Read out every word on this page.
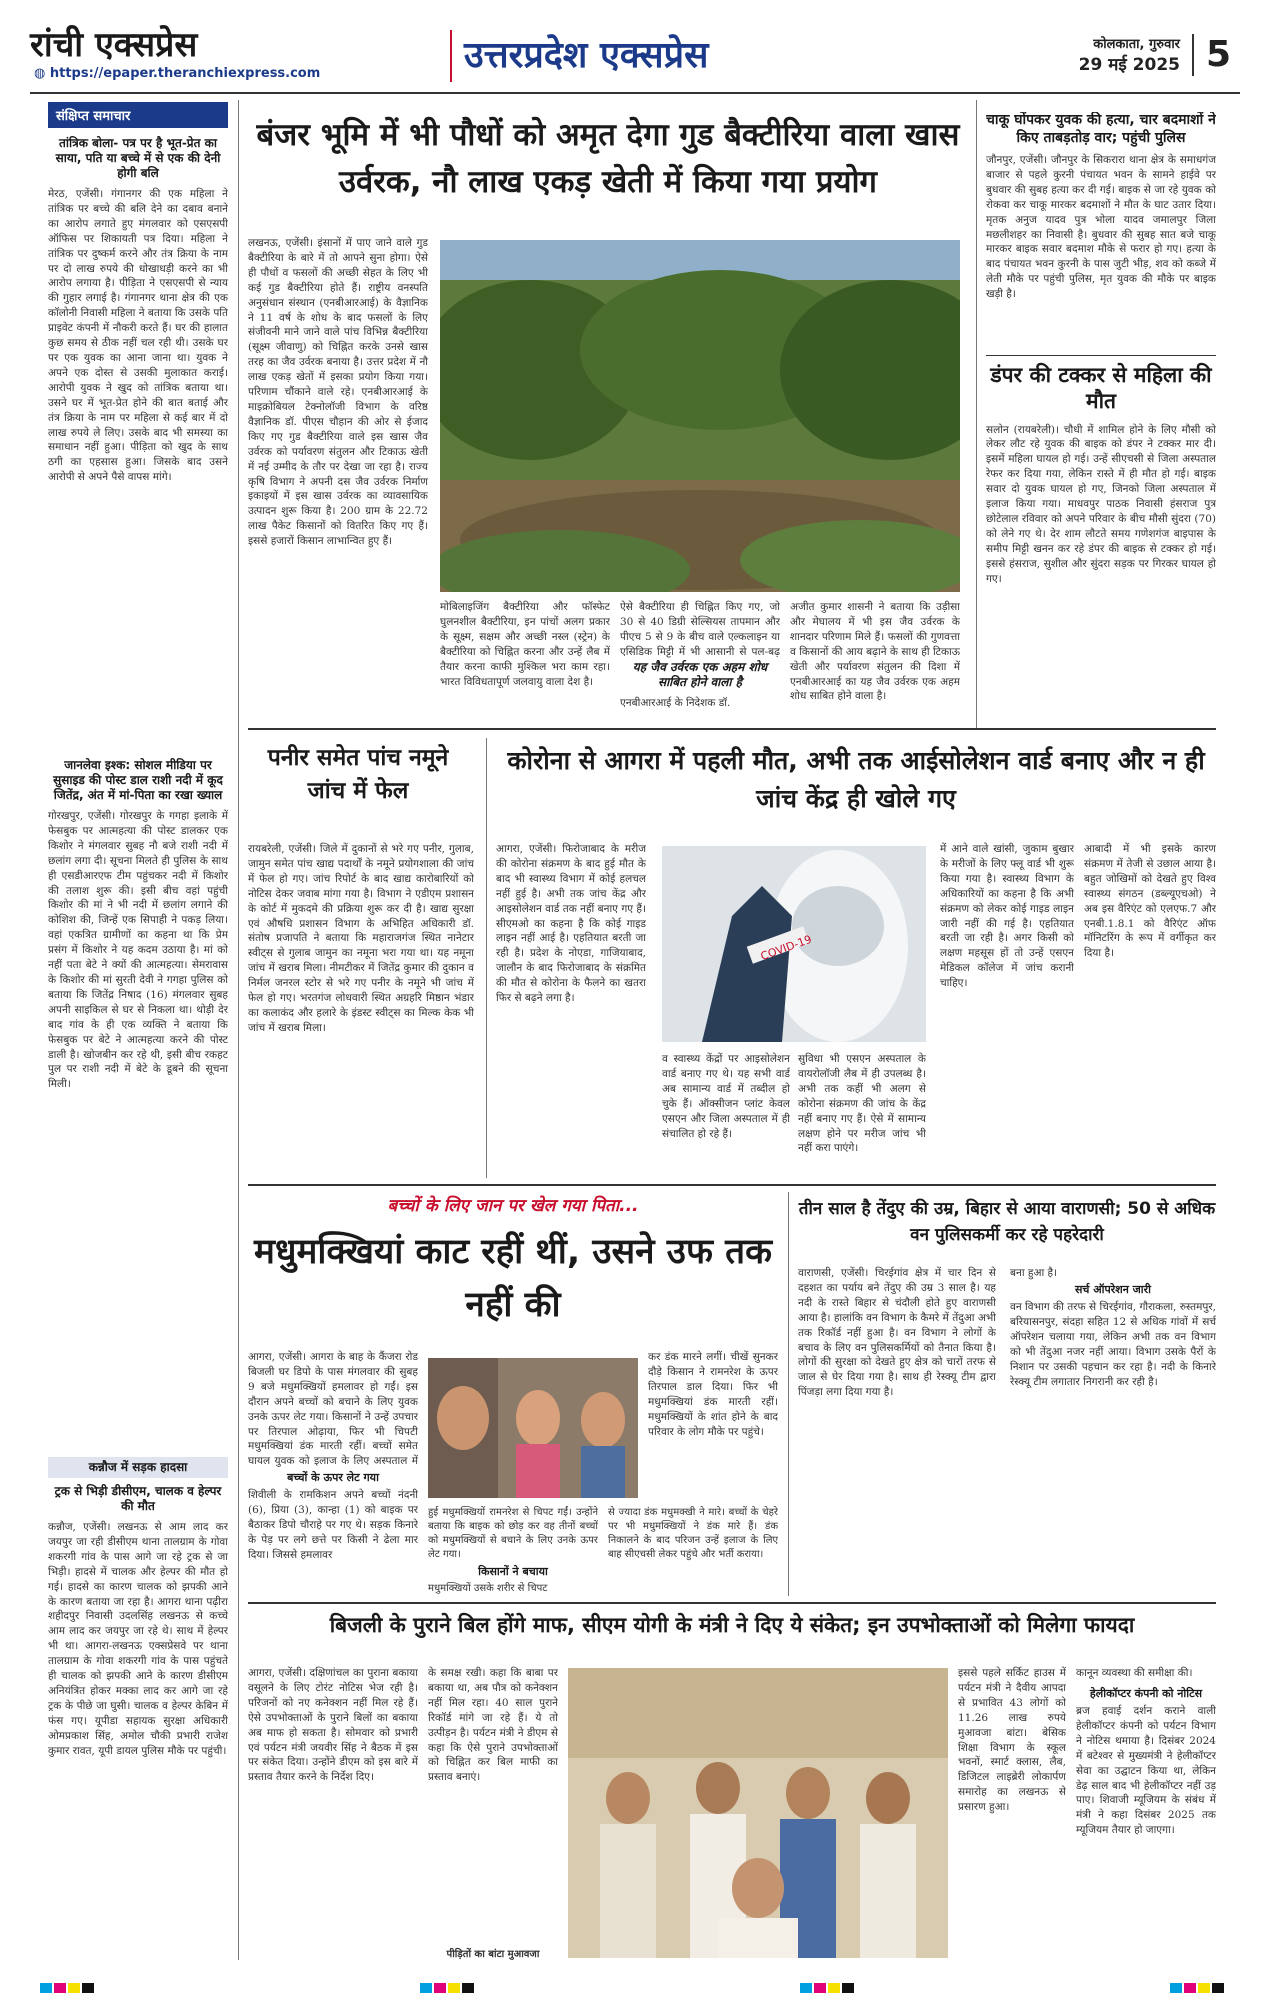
रांची एक्सप्रेस
◍ https://epaper.theranchiexpress.com	उत्तरप्रदेश एक्सप्रेस	कोलकाता, गुरुवार
29 मई 2025 5
संक्षिप्त समाचार
तांत्रिक बोला- पत्र पर है भूत-प्रेत का साया, पति या बच्चे में से एक की देनी होगी बलि
मेरठ, एजेंसी। गंगानगर की एक महिला ने तांत्रिक पर बच्चे की बलि देने का दबाव बनाने का आरोप लगाते हुए मंगलवार को एसएसपी ऑफिस पर शिकायती पत्र दिया। महिला ने तांत्रिक पर दुष्कर्म करने और तंत्र क्रिया के नाम पर दो लाख रुपये की धोखाधड़ी करने का भी आरोप लगाया है। पीड़िता ने एसएसपी से न्याय की गुहार लगाई है। गंगानगर थाना क्षेत्र की एक कॉलोनी निवासी महिला ने बताया कि उसके पति प्राइवेट कंपनी में नौकरी करते हैं। घर की हालात कुछ समय से ठीक नहीं चल रही थी। उसके घर पर एक युवक का आना जाना था। युवक ने अपने एक दोस्त से उसकी मुलाकात कराई। आरोपी युवक ने खुद को तांत्रिक बताया था। उसने घर में भूत-प्रेत होने की बात बताई और तंत्र क्रिया के नाम पर महिला से कई बार में दो लाख रुपये ले लिए। उसके बाद भी समस्या का समाधान नहीं हुआ। पीड़िता को खुद के साथ ठगी का एहसास हुआ। जिसके बाद उसने आरोपी से अपने पैसे वापस मांगे।
जानलेवा इश्क: सोशल मीडिया पर सुसाइड की पोस्ट डाल राशी नदी में कूद जितेंद्र, अंत में मां-पिता का रखा ख्याल
गोरखपुर, एजेंसी। गोरखपुर के गगहा इलाके में फेसबुक पर आत्महत्या की पोस्ट डालकर एक किशोर ने मंगलवार सुबह नौ बजे राशी नदी में छलांग लगा दी। सूचना मिलते ही पुलिस के साथ ही एसडीआरएफ टीम पहुंचकर नदी में किशोर की तलाश शुरू की। इसी बीच वहां पहुंची किशोर की मां ने भी नदी में छलांग लगाने की कोशिश की, जिन्हें एक सिपाही ने पकड़ लिया। वहां एकत्रित ग्रामीणों का कहना था कि प्रेम प्रसंग में किशोर ने यह कदम उठाया है। मां को नहीं पता बेटे ने क्यों की आत्महत्या। सेमरावास के किशोर की मां सुरती देवी ने गगहा पुलिस को बताया कि जितेंद्र निषाद (16) मंगलवार सुबह अपनी साइकिल से घर से निकला था। थोड़ी देर बाद गांव के ही एक व्यक्ति ने बताया कि फेसबुक पर बेटे ने आत्महत्या करने की पोस्ट डाली है। खोजबीन कर रहे थी, इसी बीच रकहट पुल पर राशी नदी में बेटे के डूबने की सूचना मिली।
कन्नौज में सड़क हादसा
ट्रक से भिड़ी डीसीएम, चालक व हेल्पर की मौत
कन्नौज, एजेंसी। लखनऊ से आम लाद कर जयपुर जा रही डीसीएम थाना तालग्राम के गोवा शकरगी गांव के पास आगे जा रहे ट्रक से जा भिड़ी। हादसे में चालक और हेल्पर की मौत हो गई। हादसे का कारण चालक को झपकी आने के कारण बताया जा रहा है। आगरा थाना पढ़ीरा शहीदपुर निवासी उदलसिंह लखनऊ से कच्चे आम लाद कर जयपुर जा रहे थे। साथ में हेल्पर भी था। आगरा-लखनऊ एक्सप्रेसवे पर थाना तालग्राम के गोवा शकरगी गांव के पास पहुंचते ही चालक को झपकी आने के कारण डीसीएम अनियंत्रित होकर मक्का लाद कर आगे जा रहे ट्रक के पीछे जा घुसी। चालक व हेल्पर केबिन में फंस गए। यूपीडा सहायक सुरक्षा अधिकारी ओमप्रकाश सिंह, अमोल चौकी प्रभारी राजेश कुमार रावत, यूपी डायल पुलिस मौके पर पहुंची।
बंजर भूमि में भी पौधों को अमृत देगा गुड बैक्टीरिया वाला खास उर्वरक, नौ लाख एकड़ खेती में किया गया प्रयोग
लखनऊ, एजेंसी। इंसानों में पाए जाने वाले गुड बैक्टीरिया के बारे में तो आपने सुना होगा। ऐसे ही पौधों व फसलों की अच्छी सेहत के लिए भी कई गुड बैक्टीरिया होते हैं। राष्ट्रीय वनस्पति अनुसंधान संस्थान (एनबीआरआई) के वैज्ञानिक ने 11 वर्ष के शोध के बाद फसलों के लिए संजीवनी माने जाने वाले पांच विभिन्न बैक्टीरिया (सूक्ष्म जीवाणु) को चिह्नित करके उनसे खास तरह का जैव उर्वरक बनाया है। उत्तर प्रदेश में नौ लाख एकड़ खेतों में इसका प्रयोग किया गया। परिणाम चौंकाने वाले रहे। एनबीआरआई के माइक्रोबियल टेक्नोलॉजी विभाग के वरिष्ठ वैज्ञानिक डॉ. पीएस चौहान की ओर से ईजाद किए गए गुड बैक्टीरिया वाले इस खास जैव उर्वरक को पर्यावरण संतुलन और टिकाऊ खेती में नई उम्मीद के तौर पर देखा जा रहा है। राज्य कृषि विभाग ने अपनी दस जैव उर्वरक निर्माण इकाइयों में इस खास उर्वरक का व्यावसायिक उत्पादन शुरू किया है। 200 ग्राम के 22.72 लाख पैकेट किसानों को वितरित किए गए हैं। इससे हजारों किसान लाभान्वित हुए हैं।
मोबिलाइजिंग बैक्टीरिया और फॉस्फेट घुलनशील बैक्टीरिया, इन पांचों अलग प्रकार के सूक्ष्म, सक्षम और अच्छी नस्ल (स्ट्रेन) के बैक्टीरिया को चिह्नित करना और उन्हें लैब में तैयार करना काफी मुश्किल भरा काम रहा। भारत विविधतापूर्ण जलवायु वाला देश है।
ऐसे बैक्टीरिया ही चिह्नित किए गए, जो 30 से 40 डिग्री सेल्सियस तापमान और पीएच 5 से 9 के बीच वाले एल्कलाइन या एसिडिक मिट्टी में भी आसानी से पल-बढ़
यह जैव उर्वरक एक अहम शोध साबित होने वाला है
एनबीआरआई के निदेशक डॉ.
अजीत कुमार शासनी ने बताया कि उड़ीसा और मेघालय में भी इस जैव उर्वरक के शानदार परिणाम मिले हैं। फसलों की गुणवत्ता व किसानों की आय बढ़ाने के साथ ही टिकाऊ खेती और पर्यावरण संतुलन की दिशा में एनबीआरआई का यह जैव उर्वरक एक अहम शोध साबित होने वाला है।
चाकू घोंपकर युवक की हत्या, चार बदमाशों ने किए ताबड़तोड़ वार; पहुंची पुलिस
जौनपुर, एजेंसी। जौनपुर के सिकरारा थाना क्षेत्र के समाधगंज बाजार से पहले कुरनी पंचायत भवन के सामने हाईवे पर बुधवार की सुबह हत्या कर दी गई। बाइक से जा रहे युवक को रोकवा कर चाकू मारकर बदमाशों ने मौत के घाट उतार दिया। मृतक अनुज यादव पुत्र भोला यादव जमालपुर जिला मछलीशहर का निवासी है। बुधवार की सुबह सात बजे चाकू मारकर बाइक सवार बदमाश मौके से फरार हो गए। हत्या के बाद पंचायत भवन कुरनी के पास जुटी भीड़, शव को कब्जे में लेती मौके पर पहुंची पुलिस, मृत युवक की मौके पर बाइक खड़ी है।
डंपर की टक्कर से महिला की मौत
सलोन (रायबरेली)। चौधी में शामिल होने के लिए मौसी को लेकर लौट रहे युवक की बाइक को डंपर ने टक्कर मार दी। इसमें महिला घायल हो गई। उन्हें सीएचसी से जिला अस्पताल रेफर कर दिया गया, लेकिन रास्ते में ही मौत हो गई। बाइक सवार दो युवक घायल हो गए, जिनको जिला अस्पताल में इलाज किया गया। माधवपुर पाठक निवासी हंसराज पुत्र छोटेलाल रविवार को अपने परिवार के बीच मौसी सुंदरा (70) को लेने गए थे। देर शाम लौटते समय गणेशगंज बाइपास के समीप मिट्टी खनन कर रहे डंपर की बाइक से टक्कर हो गई। इससे हंसराज, सुशील और सुंदरा सड़क पर गिरकर घायल हो गए।
पनीर समेत पांच नमूने जांच में फेल
रायबरेली, एजेंसी। जिले में दुकानों से भरे गए पनीर, गुलाब, जामुन समेत पांच खाद्य पदार्थों के नमूने प्रयोगशाला की जांच में फेल हो गए। जांच रिपोर्ट के बाद खाद्य कारोबारियों को नोटिस देकर जवाब मांगा गया है। विभाग ने एडीएम प्रशासन के कोर्ट में मुकदमे की प्रक्रिया शुरू कर दी है। खाद्य सुरक्षा एवं औषधि प्रशासन विभाग के अभिहित अधिकारी डॉ. संतोष प्रजापति ने बताया कि महाराजगंज स्थित नानेटार स्वीट्स से गुलाब जामुन का नमूना भरा गया था। यह नमूना जांच में खराब मिला। नीमटीकर में जितेंद्र कुमार की दुकान व निर्मल जनरल स्टोर से भरे गए पनीर के नमूने भी जांच में फेल हो गए। भरतगंज लोधवारी स्थित अग्रहरि मिष्ठान भंडार का कलाकंद और हलारे के इंडस्ट स्वीट्स का मिल्क केक भी जांच में खराब मिला।
कोरोना से आगरा में पहली मौत, अभी तक आईसोलेशन वार्ड बनाए और न ही जांच केंद्र ही खोले गए
आगरा, एजेंसी। फिरोजाबाद के मरीज की कोरोना संक्रमण के बाद हुई मौत के बाद भी स्वास्थ्य विभाग में कोई हलचल नहीं हुई है। अभी तक जांच केंद्र और आइसोलेशन वार्ड तक नहीं बनाए गए हैं। सीएमओ का कहना है कि कोई गाइड लाइन नहीं आई है। एहतियात बरती जा रही है। प्रदेश के नोएडा, गाजियाबाद, जालौन के बाद फिरोजाबाद के संक्रमित की मौत से कोरोना के फैलने का खतरा फिर से बढ़ने लगा है।
COVID-19
व स्वास्थ्य केंद्रों पर आइसोलेशन वार्ड बनाए गए थे। यह सभी वार्ड अब सामान्य वार्ड में तब्दील हो चुके हैं। ऑक्सीजन प्लांट केवल एसएन और जिला अस्पताल में ही संचालित हो रहे हैं।
सुविधा भी एसएन अस्पताल के वायरोलॉजी लैब में ही उपलब्ध है। अभी तक कहीं भी अलग से कोरोना संक्रमण की जांच के केंद्र नहीं बनाए गए हैं। ऐसे में सामान्य लक्षण होने पर मरीज जांच भी नहीं करा पाएंगे।
में आने वाले खांसी, जुकाम बुखार के मरीजों के लिए फ्लू वार्ड भी शुरू किया गया है। स्वास्थ्य विभाग के अधिकारियों का कहना है कि अभी संक्रमण को लेकर कोई गाइड लाइन जारी नहीं की गई है। एहतियात बरती जा रही है। अगर किसी को लक्षण महसूस हों तो उन्हें एसएन मेडिकल कॉलेज में जांच करानी चाहिए।
आबादी में भी इसके कारण संक्रमण में तेजी से उछाल आया है। बहुत जोखिमों को देखते हुए विश्व स्वास्थ्य संगठन (डब्ल्यूएचओ) ने अब इस वैरिएंट को एलएफ.7 और एनबी.1.8.1 को वैरिएंट ऑफ मॉनिटरिंग के रूप में वर्गीकृत कर दिया है।
बच्चों के लिए जान पर खेल गया पिता...
मधुमक्खियां काट रहीं थीं, उसने उफ तक नहीं की
आगरा, एजेंसी। आगरा के बाह के कैंजरा रोड बिजली घर डिपो के पास मंगलवार की सुबह 9 बजे मधुमक्खियों हमलावर हो गईं। इस दौरान अपने बच्चों को बचाने के लिए युवक उनके ऊपर लेट गया। किसानों ने उन्हें उपचार पर तिरपाल ओढ़ाया, फिर भी चिपटी मधुमक्खियां डंक मारती रहीं। बच्चों समेत घायल युवक को इलाज के लिए अस्पताल में
बच्चों के ऊपर लेट गया
शिवीली के रामकिशन अपने बच्चों नंदनी (6), प्रिया (3), कान्हा (1) को बाइक पर बैठाकर डिपो चौराहे पर गए थे। सड़क किनारे के पेड़ पर लगे छत्ते पर किसी ने ढेला मार दिया। जिससे हमलावर
कर डंक मारने लगीं। चीखें सुनकर दौड़े किसान ने रामनरेश के ऊपर तिरपाल डाल दिया। फिर भी मधुमक्खियां डंक मारती रहीं। मधुमक्खियों के शांत होने के बाद परिवार के लोग मौके पर पहुंचे।
हुई मधुमक्खियों रामनरेश से चिपट गईं। उन्होंने बताया कि बाइक को छोड़ कर वह तीनों बच्चों को मधुमक्खियों से बचाने के लिए उनके ऊपर लेट गया।
से ज्यादा डंक मधुमक्खी ने मारे। बच्चों के चेहरे पर भी मधुमक्खियों ने डंक मारे हैं। डंक निकालने के बाद परिजन उन्हें इलाज के लिए बाह सीएचसी लेकर पहुंचे और भर्ती कराया।
किसानों ने बचाया
मधुमक्खियों उसके शरीर से चिपट
तीन साल है तेंदुए की उम्र, बिहार से आया वाराणसी; 50 से अधिक वन पुलिसकर्मी कर रहे पहरेदारी
वाराणसी, एजेंसी। चिरईगांव क्षेत्र में चार दिन से दहशत का पर्याय बने तेंदुए की उम्र 3 साल है। यह नदी के रास्ते बिहार से चंदौली होते हुए वाराणसी आया है। हालांकि वन विभाग के कैमरे में तेंदुआ अभी तक रिकॉर्ड नहीं हुआ है। वन विभाग ने लोगों के बचाव के लिए वन पुलिसकर्मियों को तैनात किया है। लोगों की सुरक्षा को देखते हुए क्षेत्र को चारों तरफ से जाल से घेर दिया गया है। साथ ही रेस्क्यू टीम द्वारा पिंजड़ा लगा दिया गया है।
बना हुआ है।
सर्च ऑपरेशन जारी
वन विभाग की तरफ से चिरईगांव, गौराकला, रुस्तमपुर, बरियासनपुर, संदहा सहित 12 से अधिक गांवों में सर्च ऑपरेशन चलाया गया, लेकिन अभी तक वन विभाग को भी तेंदुआ नजर नहीं आया। विभाग उसके पैरों के निशान पर उसकी पहचान कर रहा है। नदी के किनारे रेस्क्यू टीम लगातार निगरानी कर रही है।
बिजली के पुराने बिल होंगे माफ, सीएम योगी के मंत्री ने दिए ये संकेत; इन उपभोक्ताओं को मिलेगा फायदा
आगरा, एजेंसी। दक्षिणांचल का पुराना बकाया वसूलने के लिए टोरंट नोटिस भेज रही है। परिजनों को नए कनेक्शन नहीं मिल रहे हैं। ऐसे उपभोक्ताओं के पुराने बिलों का बकाया अब माफ हो सकता है। सोमवार को प्रभारी एवं पर्यटन मंत्री जयवीर सिंह ने बैठक में इस पर संकेत दिया। उन्होंने डीएम को इस बारे में प्रस्ताव तैयार करने के निर्देश दिए।
के समक्ष रखी। कहा कि बाबा पर बकाया था, अब पौत्र को कनेक्शन नहीं मिल रहा। 40 साल पुराने रिकॉर्ड मांगे जा रहे हैं। ये तो उत्पीड़न है। पर्यटन मंत्री ने डीएम से कहा कि ऐसे पुराने उपभोक्ताओं को चिह्नित कर बिल माफी का प्रस्ताव बनाएं।
पीड़ितों का बांटा मुआवजा
इससे पहले सर्किट हाउस में पर्यटन मंत्री ने दैवीय आपदा से प्रभावित 43 लोगों को 11.26 लाख रुपये मुआवजा बांटा। बेसिक शिक्षा विभाग के स्कूल भवनों, स्मार्ट क्लास, लैब, डिजिटल लाइब्रेरी लोकार्पण समारोह का लखनऊ से प्रसारण हुआ।
कानून व्यवस्था की समीक्षा की।
हेलीकॉप्टर कंपनी को नोटिस
ब्रज हवाई दर्शन कराने वाली हेलीकॉप्टर कंपनी को पर्यटन विभाग ने नोटिस थमाया है। दिसंबर 2024 में बटेश्वर से मुख्यमंत्री ने हेलीकॉप्टर सेवा का उद्घाटन किया था, लेकिन डेढ़ साल बाद भी हेलीकॉप्टर नहीं उड़ पाए। शिवाजी म्यूजियम के संबंध में मंत्री ने कहा दिसंबर 2025 तक म्यूजियम तैयार हो जाएगा।
